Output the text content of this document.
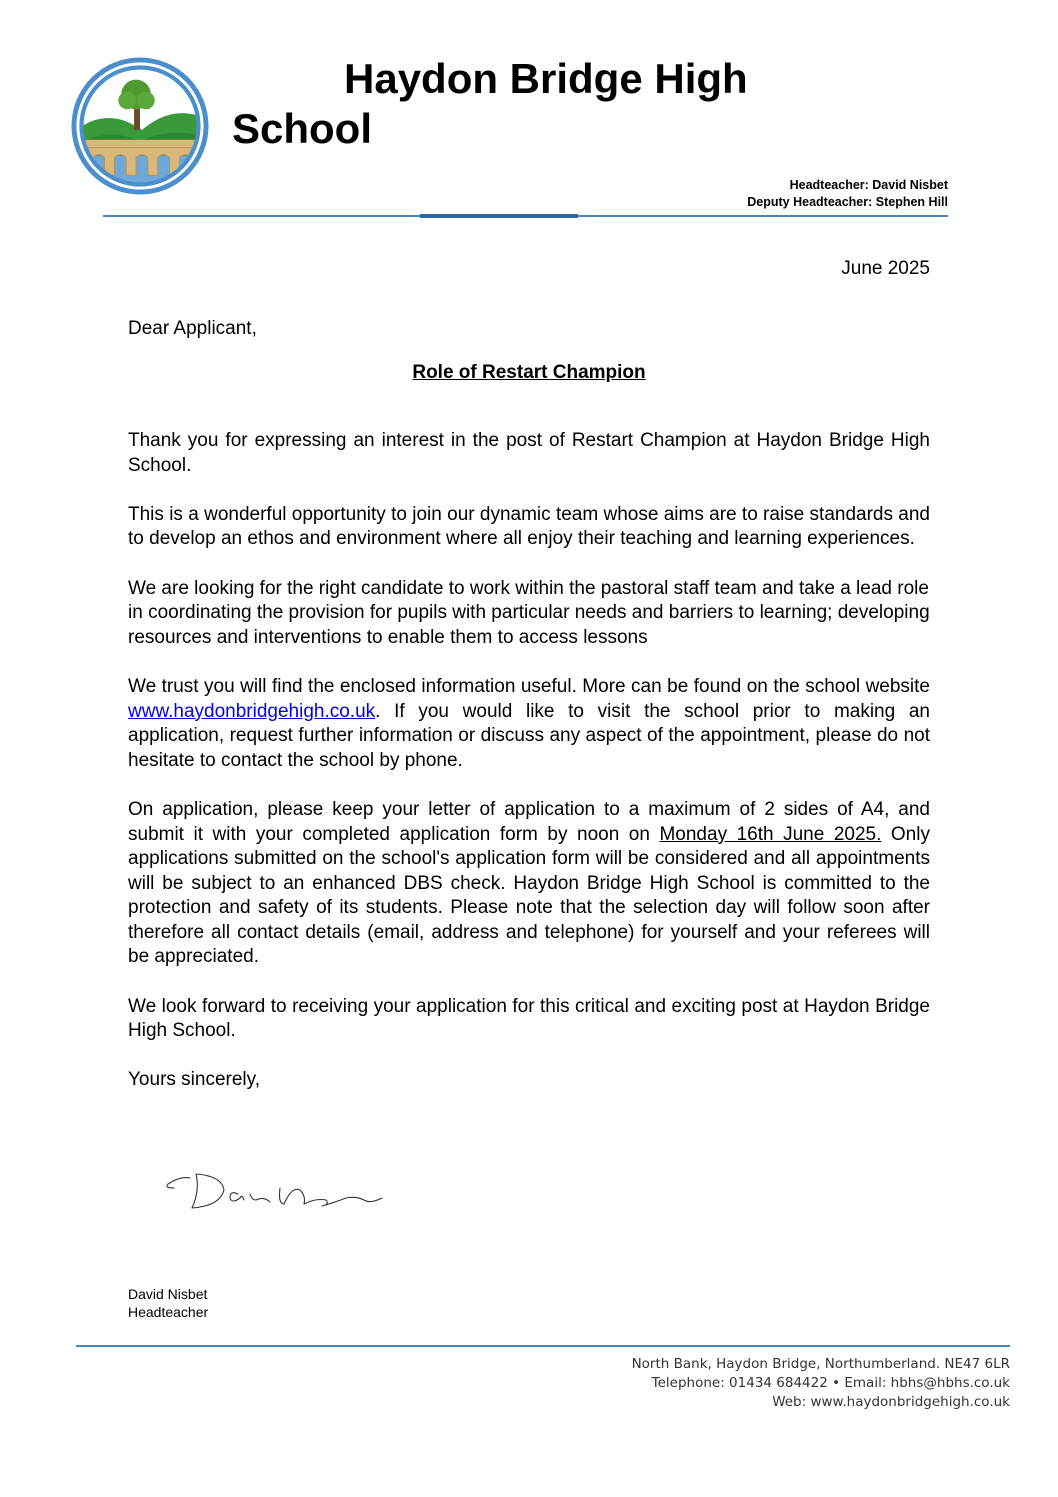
Haydon Bridge High
School
Headteacher: David Nisbet
Deputy Headteacher: Stephen Hill
June 2025
Dear Applicant,
Role of Restart Champion

Thank you for expressing an interest in the post of Restart Champion at Haydon Bridge High School.

This is a wonderful opportunity to join our dynamic team whose aims are to raise standards and to develop an ethos and environment where all enjoy their teaching and learning experiences.

We are looking for the right candidate to work within the pastoral staff team and take a lead role in coordinating the provision for pupils with particular needs and barriers to learning; developing resources and interventions to enable them to access lessons

We trust you will find the enclosed information useful. More can be found on the school website www.haydonbridgehigh.co.uk. If you would like to visit the school prior to making an application, request further information or discuss any aspect of the appointment, please do not hesitate to contact the school by phone.

On application, please keep your letter of application to a maximum of 2 sides of A4, and submit it with your completed application form by noon on Monday 16th June 2025. Only applications submitted on the school's application form will be considered and all appointments will be subject to an enhanced DBS check. Haydon Bridge High School is committed to the protection and safety of its students. Please note that the selection day will follow soon after therefore all contact details (email, address and telephone) for yourself and your referees will be appreciated.

We look forward to receiving your application for this critical and exciting post at Haydon Bridge High School.

Yours sincerely,

David Nisbet
Headteacher
North Bank, Haydon Bridge, Northumberland. NE47 6LR
Telephone: 01434 684422 • Email: hbhs@hbhs.co.uk
Web: www.haydonbridgehigh.co.uk
